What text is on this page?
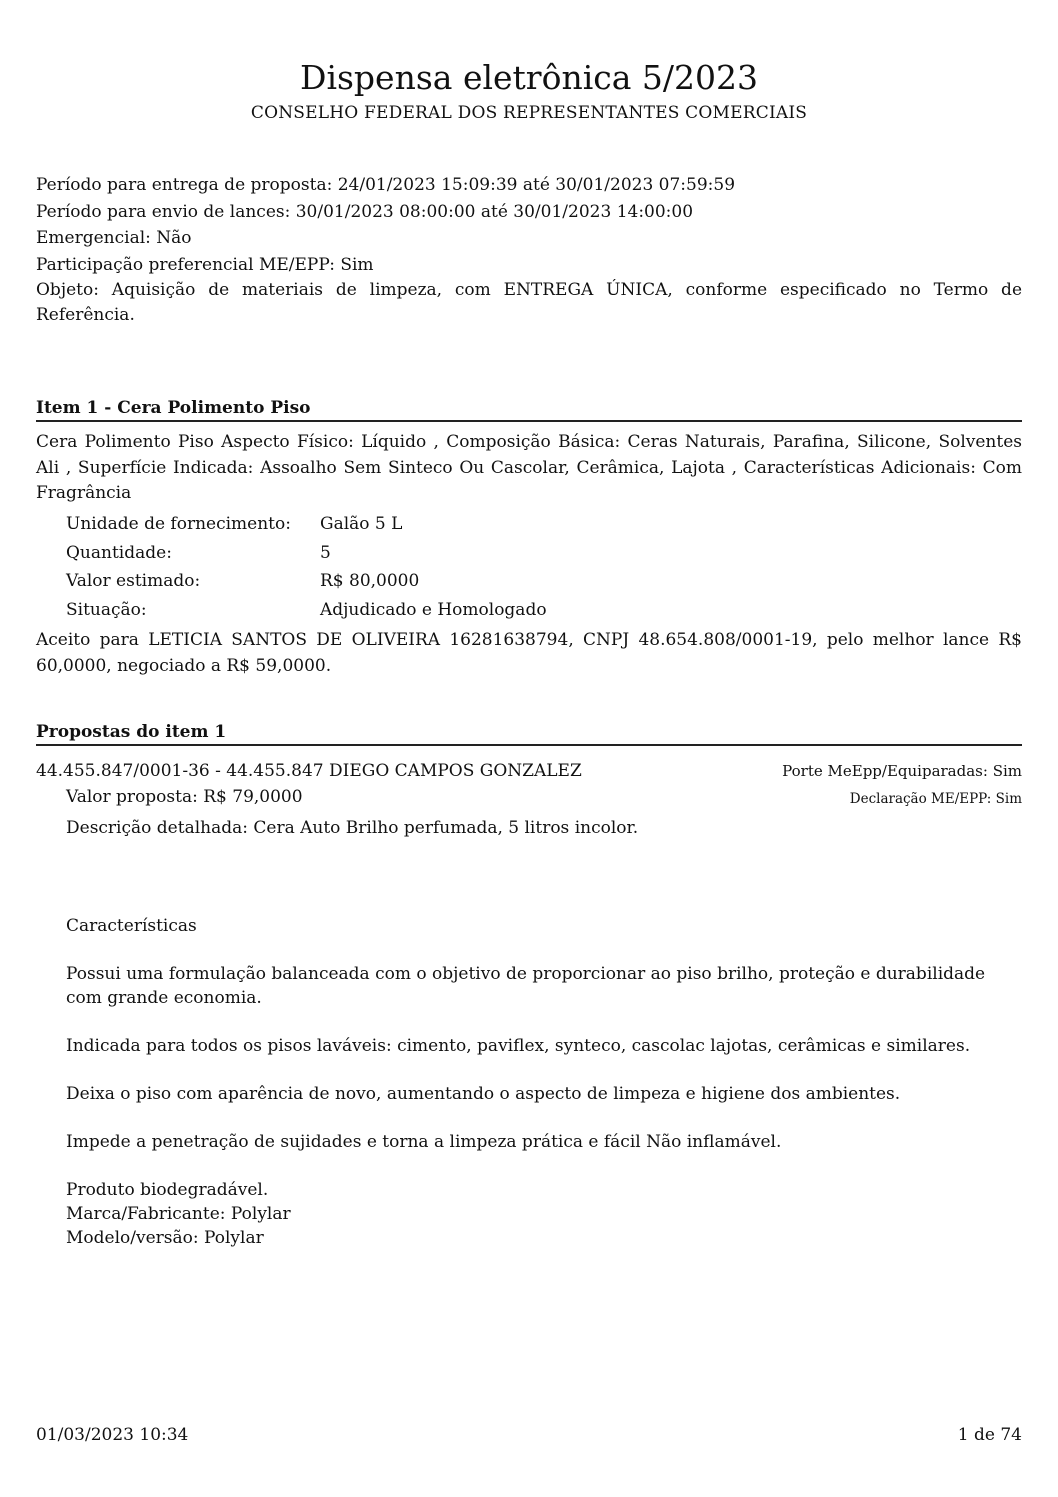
Dispensa eletrônica 5/2023
CONSELHO FEDERAL DOS REPRESENTANTES COMERCIAIS
Período para entrega de proposta: 24/01/2023 15:09:39 até 30/01/2023 07:59:59
Período para envio de lances: 30/01/2023 08:00:00 até 30/01/2023 14:00:00
Emergencial: Não
Participação preferencial ME/EPP: Sim
Objeto: Aquisição de materiais de limpeza, com ENTREGA ÚNICA, conforme especificado no Termo de Referência.
Item 1 - Cera Polimento Piso
Cera Polimento Piso Aspecto Físico: Líquido , Composição Básica: Ceras Naturais, Parafina, Silicone, Solventes Ali , Superfície Indicada: Assoalho Sem Sinteco Ou Cascolar, Cerâmica, Lajota , Características Adicionais: Com Fragrância
Unidade de fornecimento:	Galão 5 L
Quantidade:	5
Valor estimado:	R$ 80,0000
Situação:	Adjudicado e Homologado
Aceito para LETICIA SANTOS DE OLIVEIRA 16281638794, CNPJ 48.654.808/0001-19, pelo melhor lance R$ 60,0000, negociado a R$ 59,0000.
Propostas do item 1
44.455.847/0001-36 - 44.455.847 DIEGO CAMPOS GONZALEZ	Porte MeEpp/Equiparadas: Sim
Valor proposta: R$ 79,0000	Declaração ME/EPP: Sim

Descrição detalhada: Cera Auto Brilho perfumada, 5 litros incolor.

Características

Possui uma formulação balanceada com o objetivo de proporcionar ao piso brilho, proteção e durabilidade com grande economia.

Indicada para todos os pisos laváveis: cimento, paviflex, synteco, cascolac lajotas, cerâmicas e similares.

Deixa o piso com aparência de novo, aumentando o aspecto de limpeza e higiene dos ambientes.

Impede a penetração de sujidades e torna a limpeza prática e fácil Não inflamável.

Produto biodegradável.

Marca/Fabricante: Polylar

Modelo/versão: Polylar

01/03/2023 10:34	1 de 74
